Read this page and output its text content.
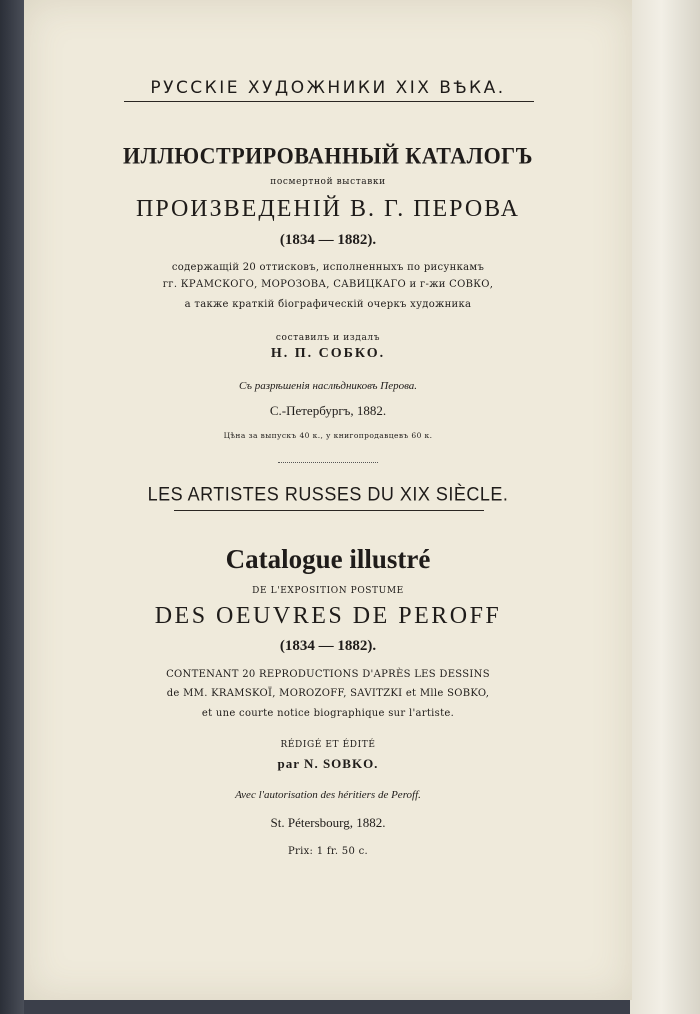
РУССКІЕ ХУДОЖНИКИ XIX ВѢКА.
ИЛЛЮСТРИРОВАННЫЙ КАТАЛОГЪ
посмертной выставки
ПРОИЗВЕДЕНІЙ В. Г. ПЕРОВА
(1834 — 1882).
содержащій 20 оттисковъ, исполненныхъ по рисункамъ
гг. КРАМСКОГО, МОРОЗОВА, САВИЦКАГО и г-жи СОВКО,
а также краткій біографическій очеркъ художника
составилъ и издалъ
Н. П. СОБКО.
Съ разрѣшенія наслѣдниковъ Перова.
С.-Петербургъ, 1882.
Цѣна за выпускъ 40 к., у книгопродавцевъ 60 к.
LES ARTISTES RUSSES DU XIX SIÈCLE.
Catalogue illustré
DE L'EXPOSITION POSTUME
DES OEUVRES DE PEROFF
(1834 — 1882).
CONTENANT 20 REPRODUCTIONS D'APRÈS LES DESSINS
de MM. KRAMSKOÏ, MOROZOFF, SAVITZKI et Mlle SOBKO,
et une courte notice biographique sur l'artiste.
RÉDIGÉ ET ÉDITÉ
par N. SOBKO.
Avec l'autorisation des héritiers de Peroff.
St. Pétersbourg, 1882.
Prix: 1 fr. 50 c.
